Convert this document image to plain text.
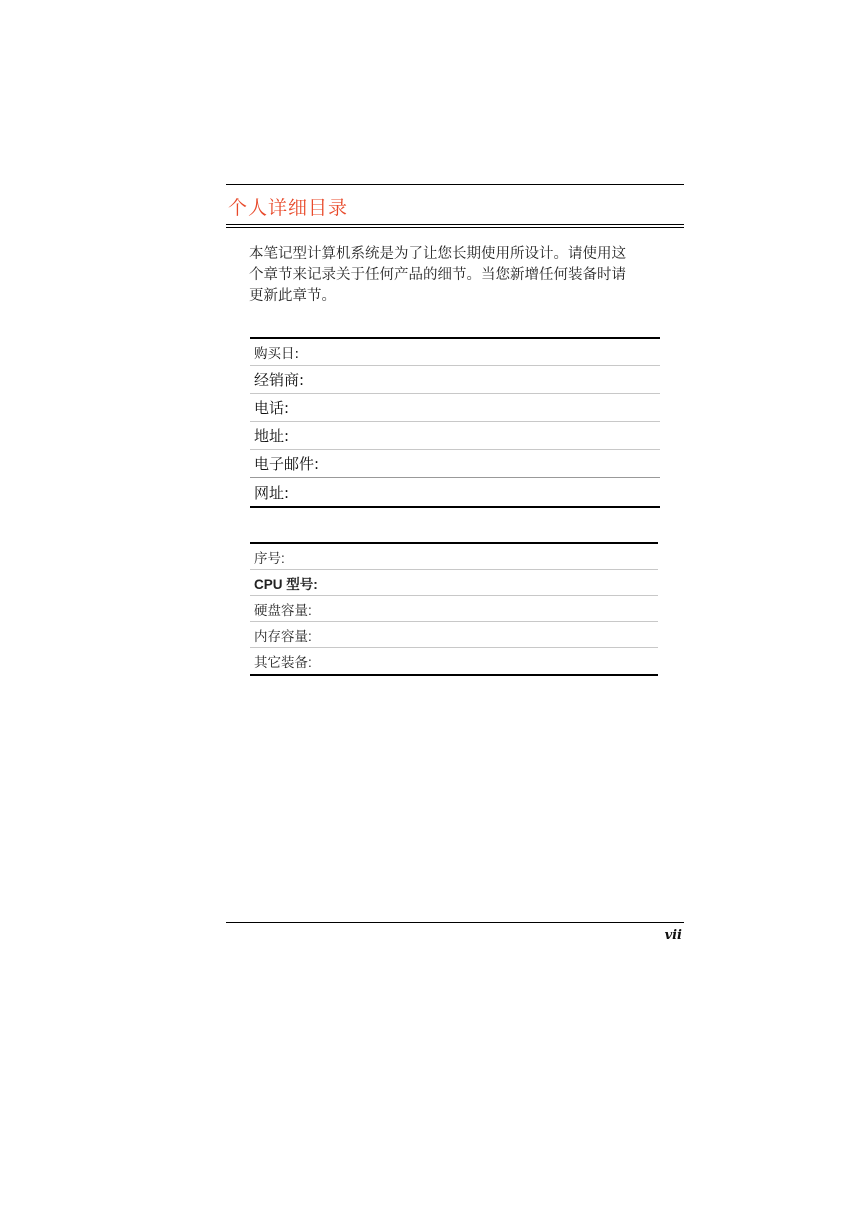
个人详细目录
本笔记型计算机系统是为了让您长期使用所设计。请使用这
个章节来记录关于任何产品的细节。当您新增任何装备时请
更新此章节。
购买日:
经销商:
电话:
地址:
电子邮件:
网址:
序号:
CPU 型号:
硬盘容量:
内存容量:
其它装备:
vii
